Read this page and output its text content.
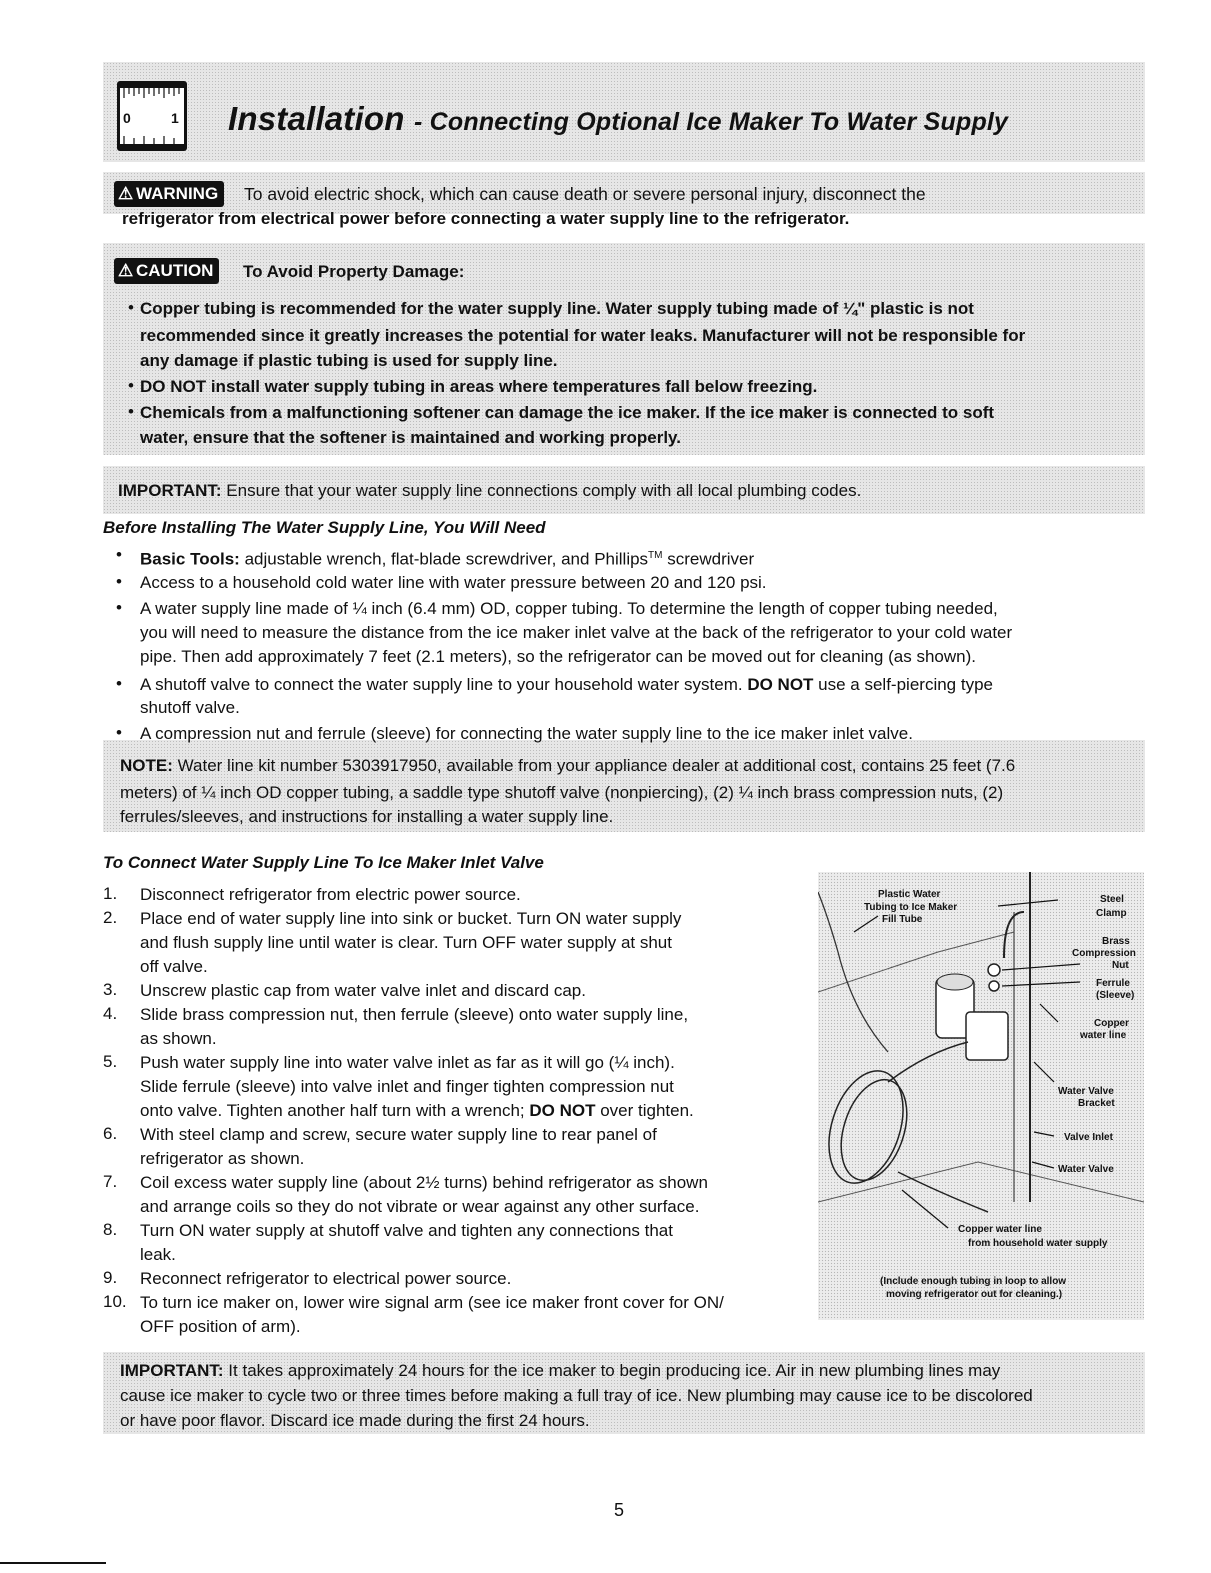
0	1 Installation - Connecting Optional Ice Maker To Water Supply
⚠ WARNING	To avoid electric shock, which can cause death or severe personal injury, disconnect the
refrigerator from electrical power before connecting a water supply line to the refrigerator.
⚠ CAUTION	To Avoid Property Damage:
• Copper tubing is recommended for the water supply line. Water supply tubing made of ¼" plastic is not
recommended since it greatly increases the potential for water leaks. Manufacturer will not be responsible for
any damage if plastic tubing is used for supply line.
• DO NOT install water supply tubing in areas where temperatures fall below freezing.
• Chemicals from a malfunctioning softener can damage the ice maker. If the ice maker is connected to soft
water, ensure that the softener is maintained and working properly.
IMPORTANT: Ensure that your water supply line connections comply with all local plumbing codes.
Before Installing The Water Supply Line, You Will Need
• Basic Tools: adjustable wrench, flat-blade screwdriver, and Phillips™ screwdriver
• Access to a household cold water line with water pressure between 20 and 120 psi.
• A water supply line made of ¼ inch (6.4 mm) OD, copper tubing. To determine the length of copper tubing needed,
you will need to measure the distance from the ice maker inlet valve at the back of the refrigerator to your cold water
pipe. Then add approximately 7 feet (2.1 meters), so the refrigerator can be moved out for cleaning (as shown).
• A shutoff valve to connect the water supply line to your household water system. DO NOT use a self-piercing type
shutoff valve.
• A compression nut and ferrule (sleeve) for connecting the water supply line to the ice maker inlet valve.
NOTE: Water line kit number 5303917950, available from your appliance dealer at additional cost, contains 25 feet (7.6
meters) of ¼ inch OD copper tubing, a saddle type shutoff valve (nonpiercing), (2) ¼ inch brass compression nuts, (2)
ferrules/sleeves, and instructions for installing a water supply line.
To Connect Water Supply Line To Ice Maker Inlet Valve
1. Disconnect refrigerator from electric power source.
2. Place end of water supply line into sink or bucket. Turn ON water supply
and flush supply line until water is clear. Turn OFF water supply at shut
off valve.
3. Unscrew plastic cap from water valve inlet and discard cap.
4. Slide brass compression nut, then ferrule (sleeve) onto water supply line,
as shown.
5. Push water supply line into water valve inlet as far as it will go (¼ inch).
Slide ferrule (sleeve) into valve inlet and finger tighten compression nut
onto valve. Tighten another half turn with a wrench; DO NOT over tighten.
6. With steel clamp and screw, secure water supply line to rear panel of
refrigerator as shown.
7. Coil excess water supply line (about 2½ turns) behind refrigerator as shown
and arrange coils so they do not vibrate or wear against any other surface.
8. Turn ON water supply at shutoff valve and tighten any connections that
leak.
9. Reconnect refrigerator to electrical power source.
10. To turn ice maker on, lower wire signal arm (see ice maker front cover for ON/
OFF position of arm).
Plastic Water
Tubing to Ice Maker
Fill Tube
Steel
Clamp
Brass
Compression
Nut
Ferrule
(Sleeve)
Copper
water line
Water Valve
Bracket
Valve Inlet
Water Valve
Copper water line
from household water supply
(Include enough tubing in loop to allow
moving refrigerator out for cleaning.)
IMPORTANT: It takes approximately 24 hours for the ice maker to begin producing ice. Air in new plumbing lines may
cause ice maker to cycle two or three times before making a full tray of ice. New plumbing may cause ice to be discolored
or have poor flavor. Discard ice made during the first 24 hours.
5
